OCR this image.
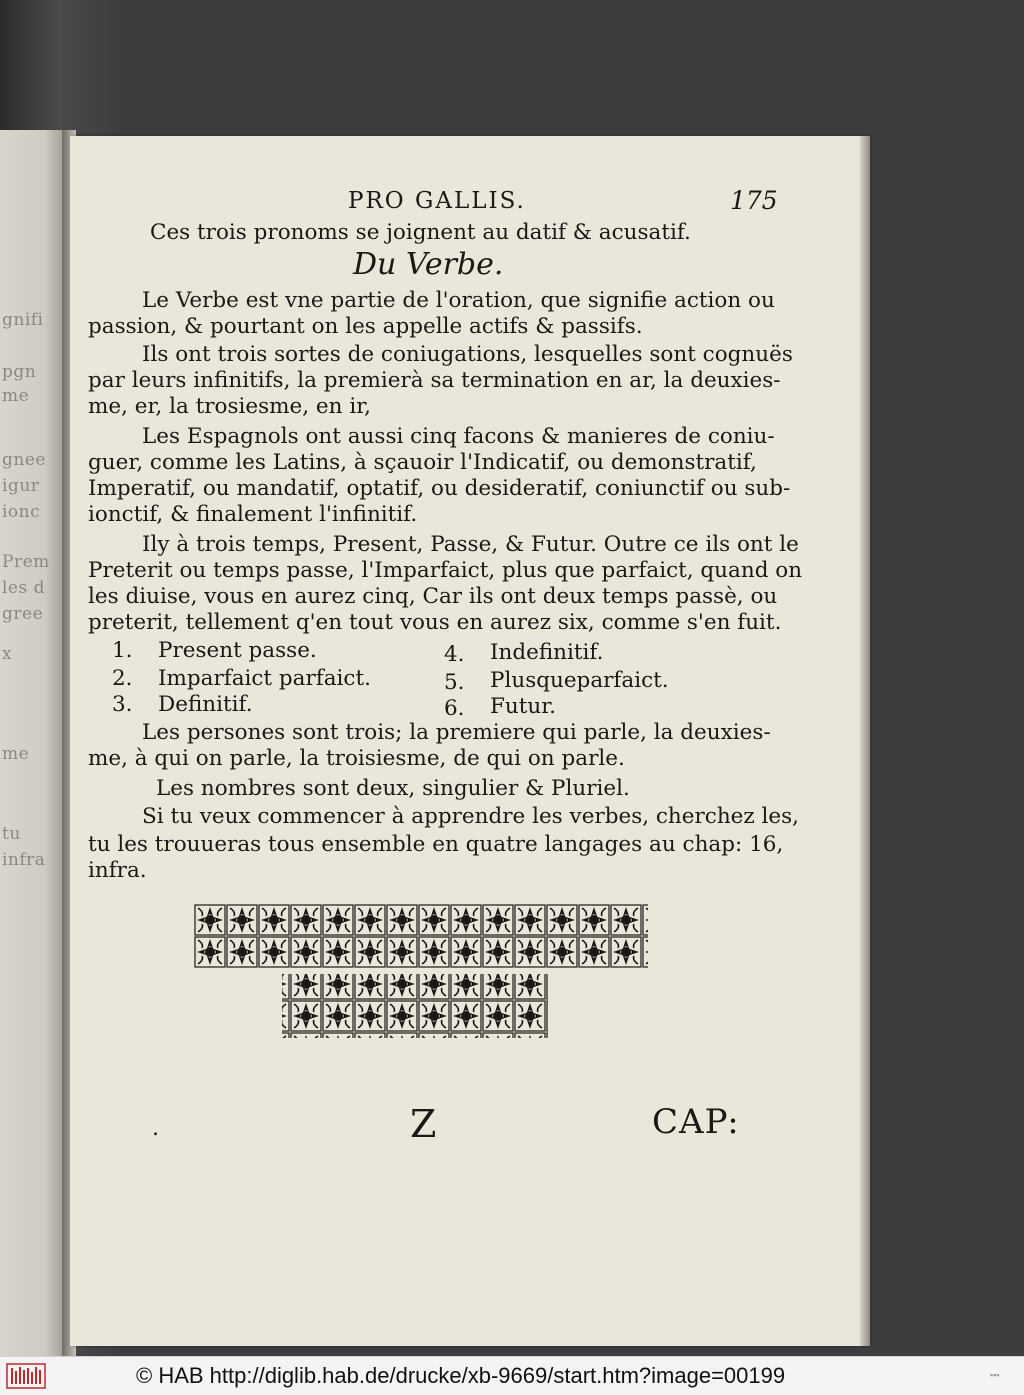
gnifi
pgn
me
gnee
igur
ionc
Prem
les d
gree
x
me
tu
infra
PRO GALLIS.	175
Ces trois pronoms se joignent au datif & acusatif.
Du Verbe.
Le Verbe est vne partie de l'oration, que signifie action ou
passion, & pourtant on les appelle actifs & passifs.
Ils ont trois sortes de coniugations, lesquelles sont cognuës
par leurs infinitifs, la premierà sa termination en ar, la deuxies-
me, er, la trosiesme, en ir,
Les Espagnols ont aussi cinq facons & manieres de coniu-
guer, comme les Latins, à sçauoir l'Indicatif, ou demonstratif,
Imperatif, ou mandatif, optatif, ou desideratif, coniunctif ou sub-
ionctif, & finalement l'infinitif.
Ily à trois temps, Present, Passe, & Futur. Outre ce ils ont le
Preterit ou temps passe, l'Imparfaict, plus que parfaict, quand on
les diuise, vous en aurez cinq, Car ils ont deux temps passè, ou
preterit, tellement q'en tout vous en aurez six, comme s'en fuit.
1. Present passe.
2. Imparfaict parfaict.
3. Definitif.
4. Indefinitif.
5. Plusqueparfaict.
6. Futur.
Les persones sont trois; la premiere qui parle, la deuxies-
me, à qui on parle, la troisiesme, de qui on parle.
Les nombres sont deux, singulier & Pluriel.
Si tu veux commencer à apprendre les verbes, cherchez les,
tu les trouueras tous ensemble en quatre langages au chap: 16,
infra.
.	Z	CAP:
© HAB http://diglib.hab.de/drucke/xb-9669/start.htm?image=00199	▪▪▪
